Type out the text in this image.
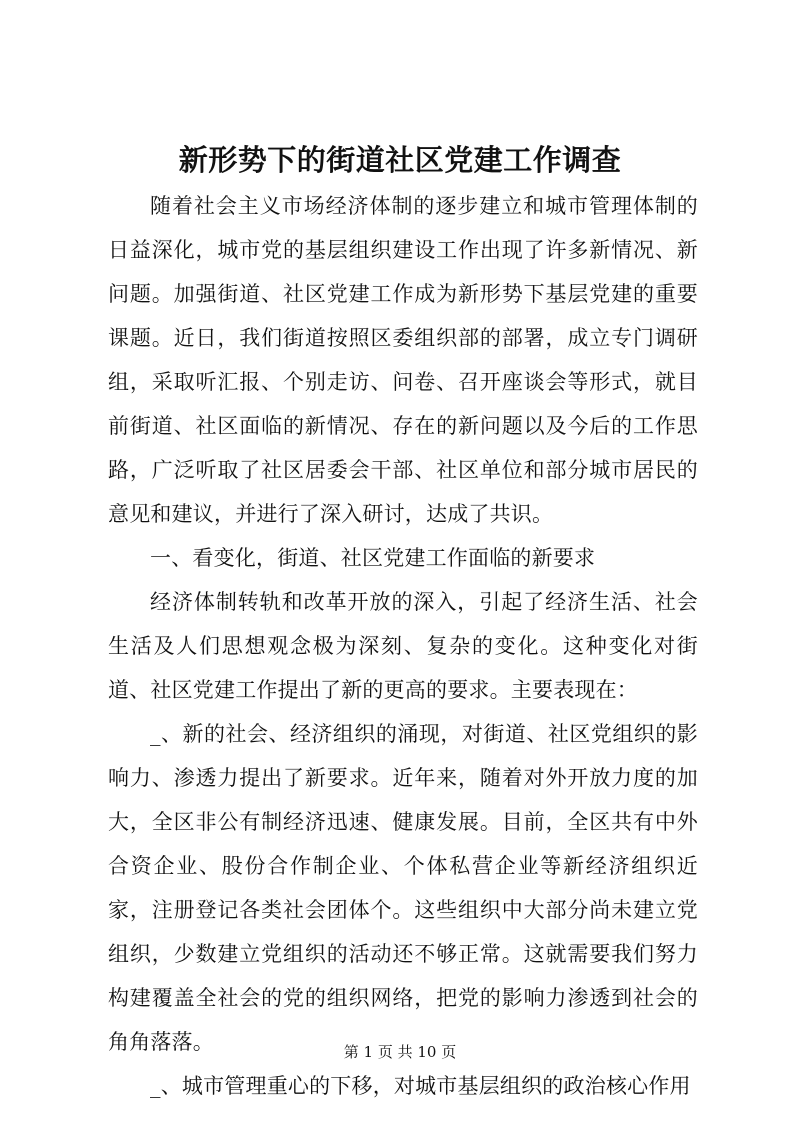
新形势下的街道社区党建工作调查

随着社会主义市场经济体制的逐步建立和城市管理体制的日益深化，城市党的基层组织建设工作出现了许多新情况、新问题。加强街道、社区党建工作成为新形势下基层党建的重要课题。近日，我们街道按照区委组织部的部署，成立专门调研组，采取听汇报、个别走访、问卷、召开座谈会等形式，就目前街道、社区面临的新情况、存在的新问题以及今后的工作思路，广泛听取了社区居委会干部、社区单位和部分城市居民的意见和建议，并进行了深入研讨，达成了共识。

一、看变化，街道、社区党建工作面临的新要求

经济体制转轨和改革开放的深入，引起了经济生活、社会生活及人们思想观念极为深刻、复杂的变化。这种变化对街道、社区党建工作提出了新的更高的要求。主要表现在：

_、新的社会、经济组织的涌现，对街道、社区党组织的影响力、渗透力提出了新要求。近年来，随着对外开放力度的加大，全区非公有制经济迅速、健康发展。目前，全区共有中外合资企业、股份合作制企业、个体私营企业等新经济组织近家，注册登记各类社会团体个。这些组织中大部分尚未建立党组织，少数建立党组织的活动还不够正常。这就需要我们努力构建覆盖全社会的党的组织网络，把党的影响力渗透到社会的角角落落。

_、城市管理重心的下移，对城市基层组织的政治核心作用

第 1 页 共 10 页
